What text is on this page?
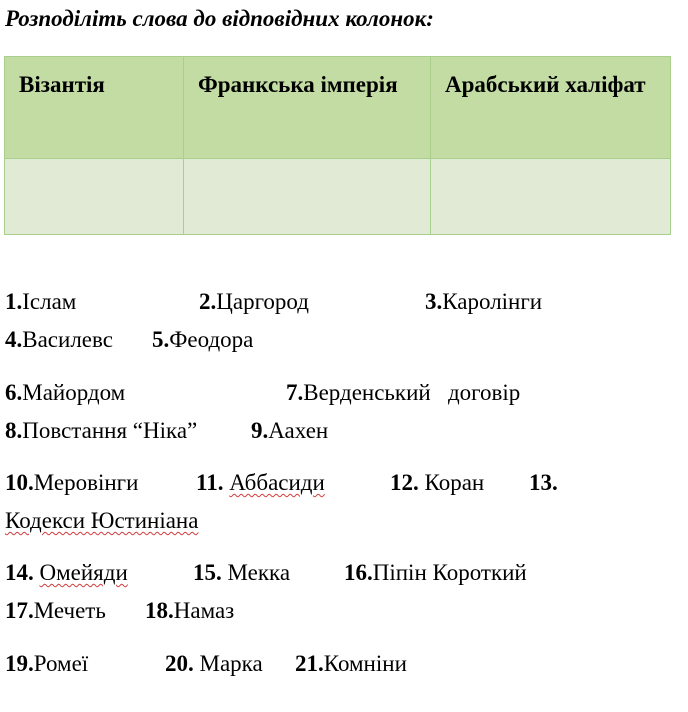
Розподіліть слова до відповідних колонок:
Візантія	Франкська імперія	Арабський халіфат

1.Іслам	2.Царгород	3.Каролінги
4.Василевс 5.Феодора
6.Майордом	7.Верденський   договір
8.Повстання “Ніка” 9.Аахен
10.Меровінги	11. Аббасиди	12. Коран 13.
Кодекси Юстиніана
14. Омейяди	15. Мекка 16.Піпін Короткий
17.Мечеть 18.Намаз
19.Ромеї	20. Марка 21.Комніни
